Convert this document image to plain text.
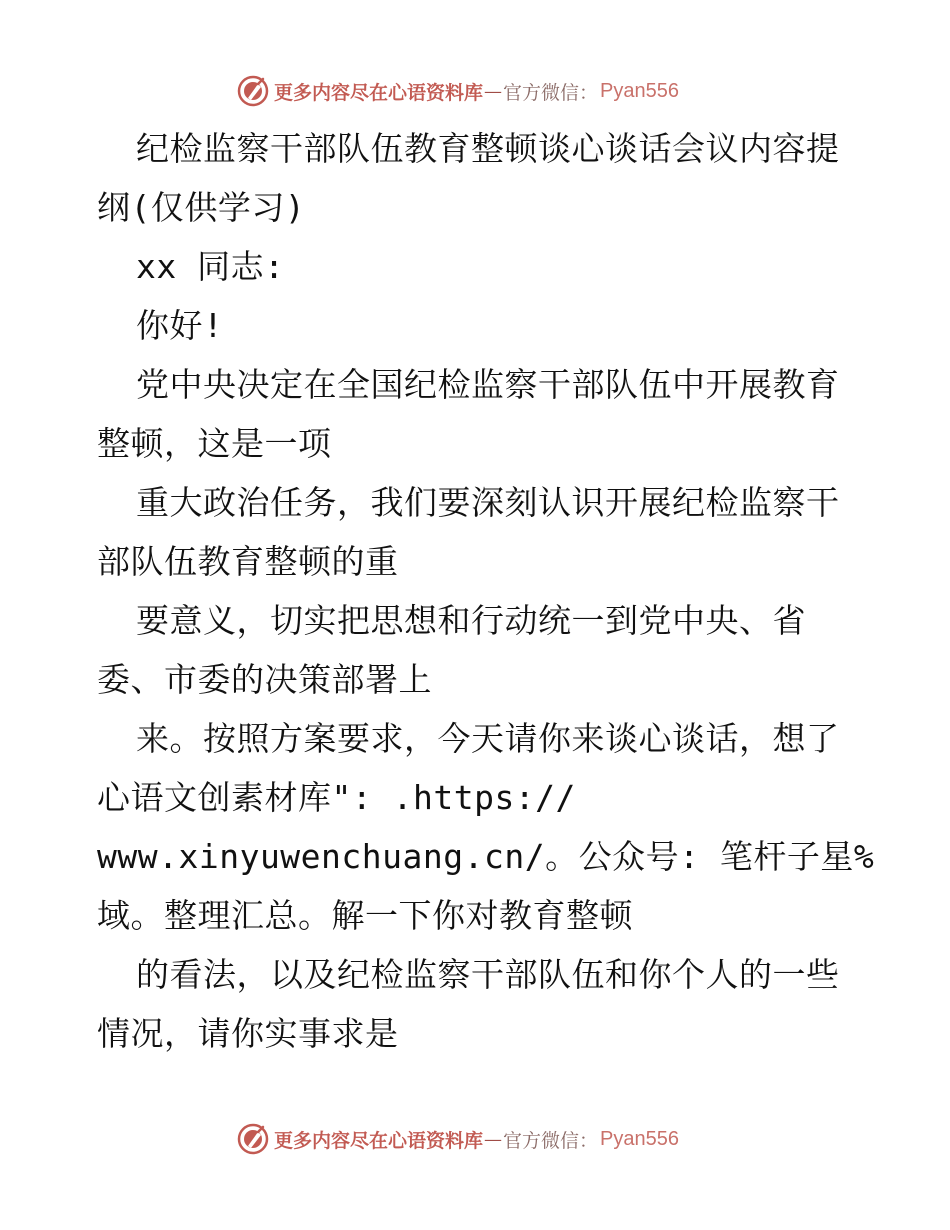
更多内容尽在心语资料库 — 官方微信： Pyan556
纪检监察干部队伍教育整顿谈心谈话会议内容提
纲(仅供学习)
xx 同志:
你好!
党中央决定在全国纪检监察干部队伍中开展教育
整顿，这是一项
重大政治任务，我们要深刻认识开展纪检监察干
部队伍教育整顿的重
要意义，切实把思想和行动统一到党中央、省
委、市委的决策部署上
来。按照方案要求，今天请你来谈心谈话，想了
心语文创素材库": .https://
www.xinyuwenchuang.cn/。公众号: 笔杆子星%
域。整理汇总。解一下你对教育整顿
的看法，以及纪检监察干部队伍和你个人的一些
情况，请你实事求是
更多内容尽在心语资料库 — 官方微信： Pyan556
